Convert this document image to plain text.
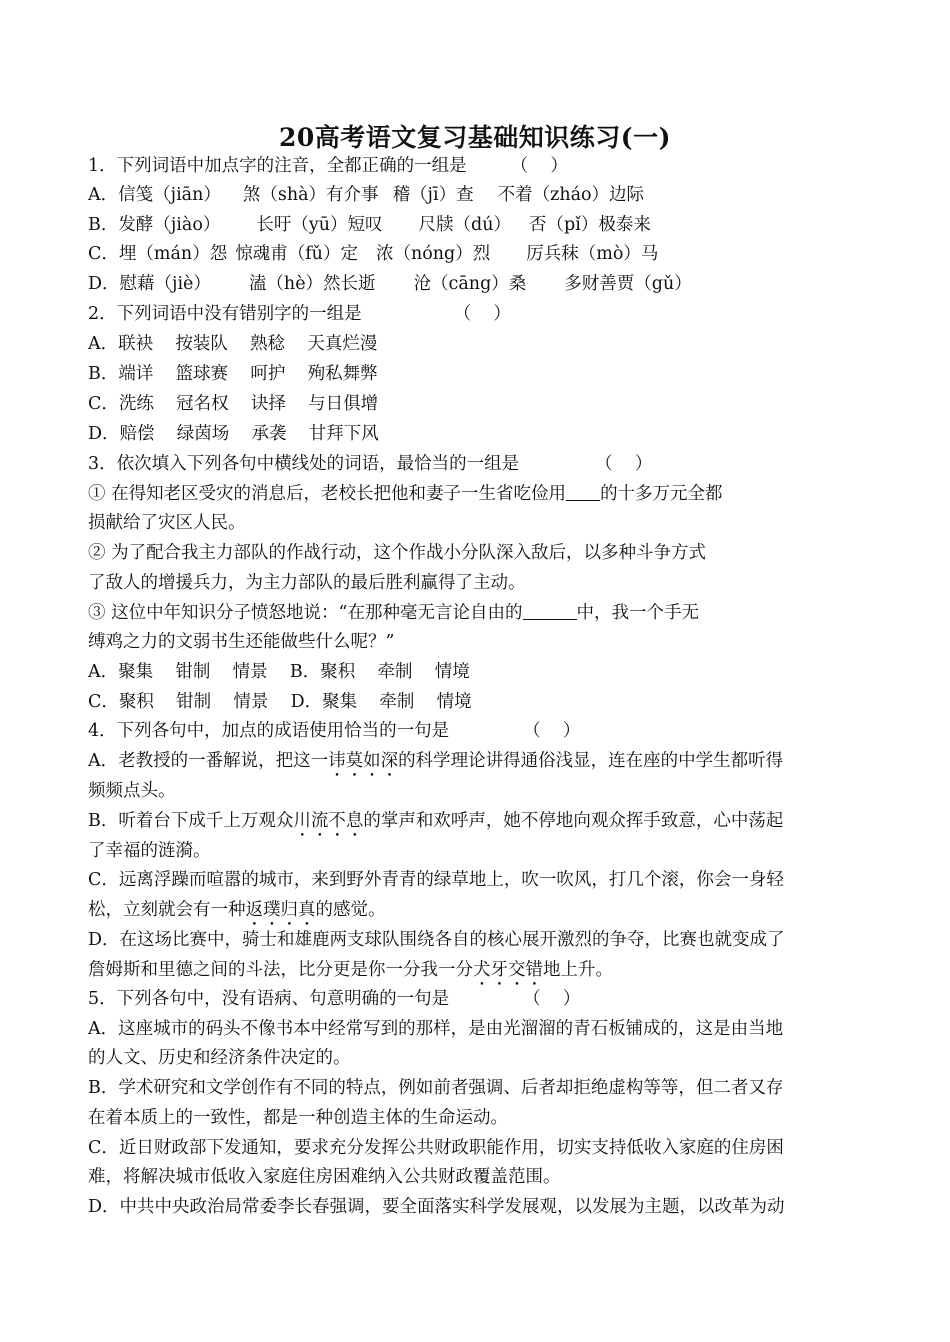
20高考语文复习基础知识练习(一)
1．下列词语中加点字的注音，全都正确的一组是	（    ）
A．信笺（jiān） 煞（shà）有介事 稽（jī）查 不着（zháo）边际
B．发酵（jiào） 长吁（yū）短叹 尺牍（dú） 否（pǐ）极泰来
C．埋（mán）怨 惊魂甫（fǔ）定 浓（nóng）烈 厉兵秣（mò）马
D．慰藉（jiè） 溘（hè）然长逝 沧（cāng）桑 多财善贾（gǔ）
2．下列词语中没有错别字的一组是	（    ）
A．联袂    按装队    熟稔    天真烂漫
B．端详    篮球赛    呵护    殉私舞弊
C．洗练    冠名权    诀择    与日俱增
D．赔偿    绿茵场    承袭    甘拜下风
3．依次填入下列各句中横线处的词语，最恰当的一组是	（    ）
① 在得知老区受灾的消息后，老校长把他和妻子一生省吃俭用 的十多万元全都
损献给了灾区人民。
② 为了配合我主力部队的作战行动，这个作战小分队深入敌后，以多种斗争方式
了敌人的增援兵力，为主力部队的最后胜利赢得了主动。
③ 这位中年知识分子愤怒地说：“在那种毫无言论自由的	中，我一个手无
缚鸡之力的文弱书生还能做些什么呢？”
A．聚集    钳制    情景    B．聚积    牵制    情境
C．聚积    钳制    情景    D．聚集    牵制    情境
4．下列各句中，加点的成语使用恰当的一句是	（    ）
A．老教授的一番解说，把这一讳莫如深的科学理论讲得通俗浅显，连在座的中学生都听得
频频点头。
B．听着台下成千上万观众川流不息的掌声和欢呼声，她不停地向观众挥手致意，心中荡起
了幸福的涟漪。
C．远离浮躁而喧嚣的城市，来到野外青青的绿草地上，吹一吹风，打几个滚，你会一身轻
松，立刻就会有一种返璞归真的感觉。
D．在这场比赛中，骑士和雄鹿两支球队围绕各自的核心展开激烈的争夺，比赛也就变成了
詹姆斯和里德之间的斗法，比分更是你一分我一分犬牙交错地上升。
5．下列各句中，没有语病、句意明确的一句是	（    ）
A．这座城市的码头不像书本中经常写到的那样，是由光溜溜的青石板铺成的，这是由当地
的人文、历史和经济条件决定的。
B．学术研究和文学创作有不同的特点，例如前者强调、后者却拒绝虚构等等，但二者又存
在着本质上的一致性，都是一种创造主体的生命运动。
C．近日财政部下发通知，要求充分发挥公共财政职能作用，切实支持低收入家庭的住房困
难，将解决城市低收入家庭住房困难纳入公共财政覆盖范围。
D．中共中央政治局常委李长春强调，要全面落实科学发展观，以发展为主题，以改革为动
